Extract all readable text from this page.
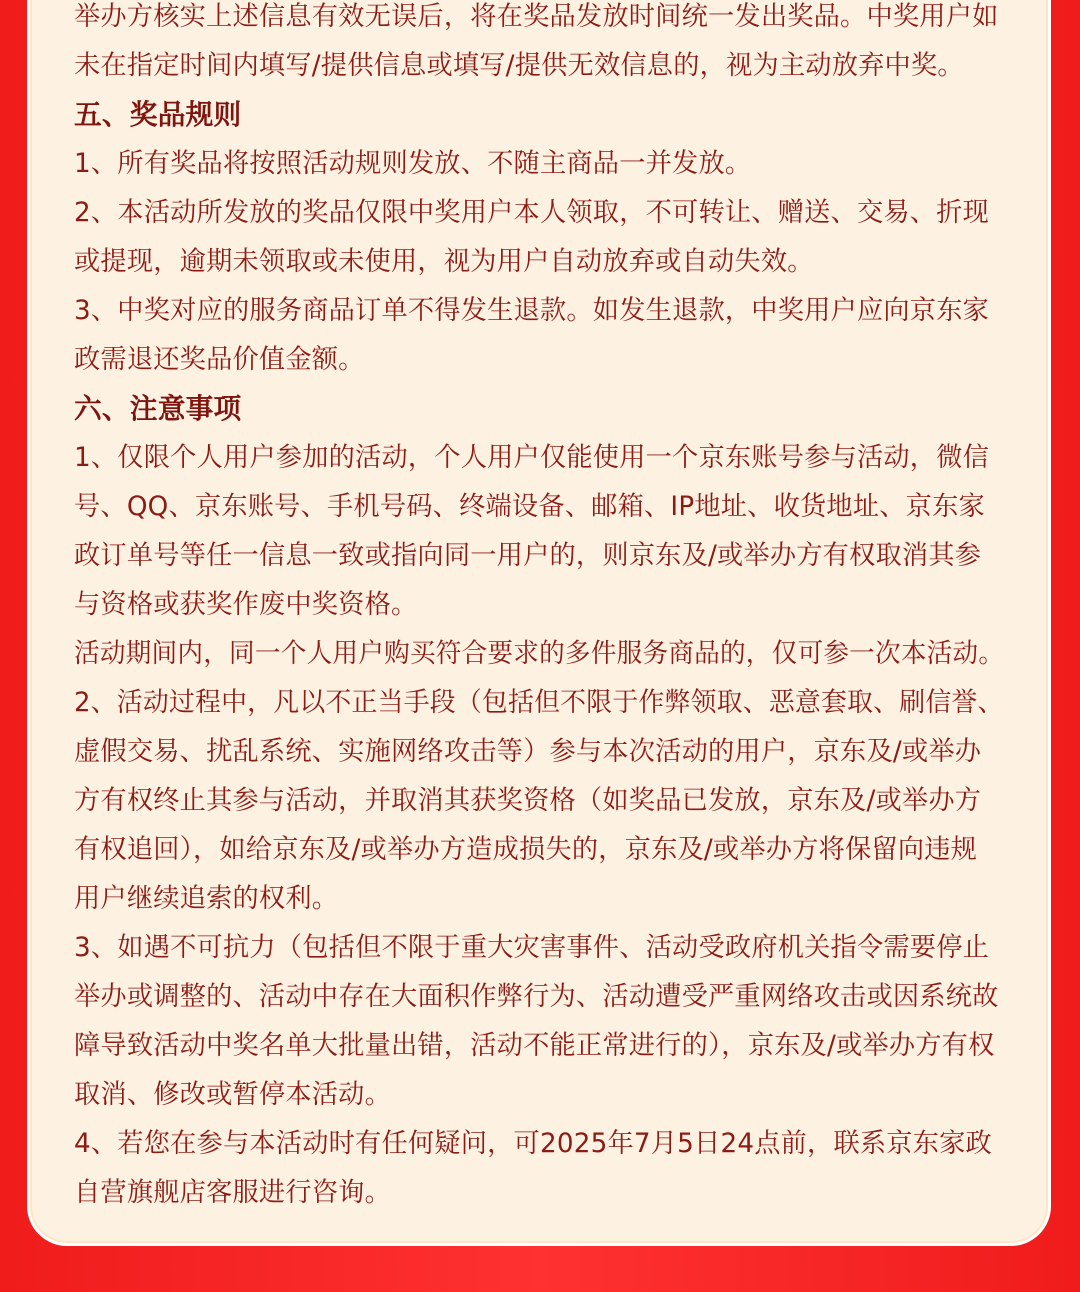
举办方核实上述信息有效无误后，将在奖品发放时间统一发出奖品。中奖用户如

未在指定时间内填写/提供信息或填写/提供无效信息的，视为主动放弃中奖。

五、奖品规则

1、所有奖品将按照活动规则发放、不随主商品一并发放。

2、本活动所发放的奖品仅限中奖用户本人领取，不可转让、赠送、交易、折现

或提现，逾期未领取或未使用，视为用户自动放弃或自动失效。

3、中奖对应的服务商品订单不得发生退款。如发生退款，中奖用户应向京东家

政需退还奖品价值金额。

六、注意事项

1、仅限个人用户参加的活动，个人用户仅能使用一个京东账号参与活动，微信

号、QQ、京东账号、手机号码、终端设备、邮箱、IP地址、收货地址、京东家

政订单号等任一信息一致或指向同一用户的，则京东及/或举办方有权取消其参

与资格或获奖作废中奖资格。

活动期间内，同一个人用户购买符合要求的多件服务商品的，仅可参一次本活动。

2、活动过程中，凡以不正当手段（包括但不限于作弊领取、恶意套取、刷信誉、

虚假交易、扰乱系统、实施网络攻击等）参与本次活动的用户，京东及/或举办

方有权终止其参与活动，并取消其获奖资格（如奖品已发放，京东及/或举办方

有权追回），如给京东及/或举办方造成损失的，京东及/或举办方将保留向违规

用户继续追索的权利。

3、如遇不可抗力（包括但不限于重大灾害事件、活动受政府机关指令需要停止

举办或调整的、活动中存在大面积作弊行为、活动遭受严重网络攻击或因系统故

障导致活动中奖名单大批量出错，活动不能正常进行的），京东及/或举办方有权

取消、修改或暂停本活动。

4、若您在参与本活动时有任何疑问，可2025年7月5日24点前，联系京东家政

自营旗舰店客服进行咨询。
